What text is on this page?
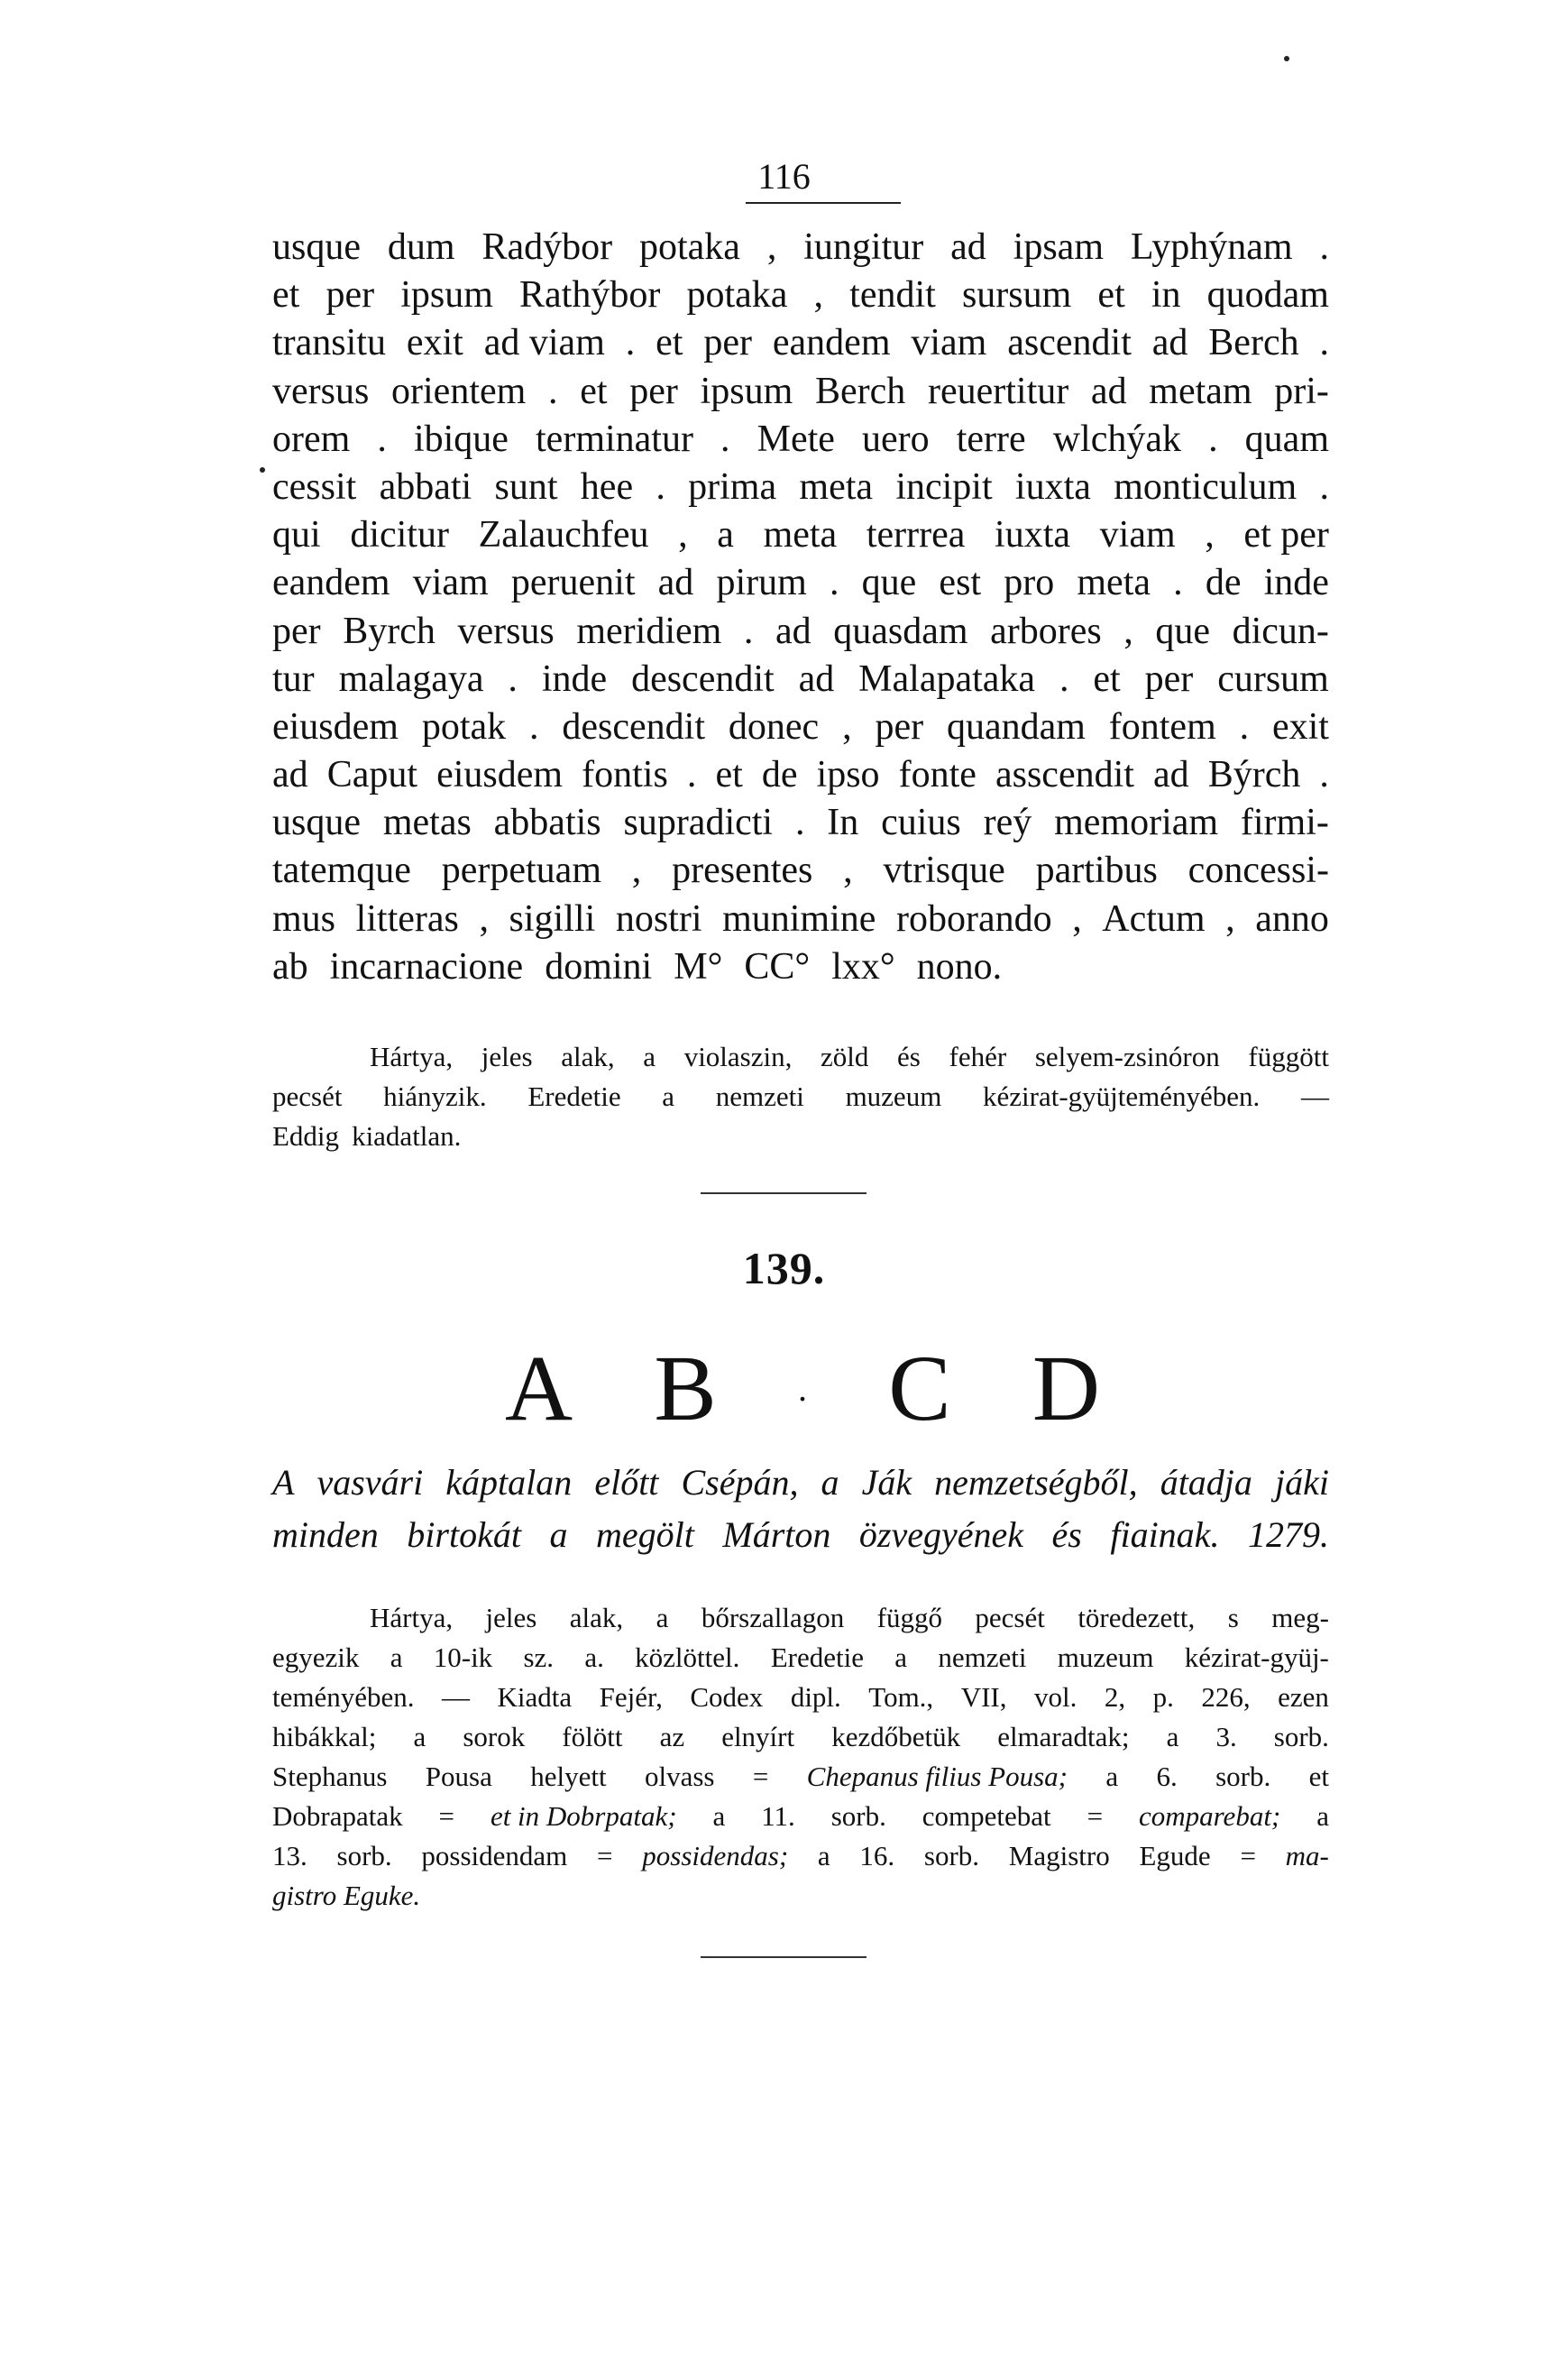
116
usque dum Radýbor potaka , iungitur ad ipsam Lyphýnam .
et per ipsum Rathýbor potaka , tendit sursum et in quodam
transitu exit ad viam . et per eandem viam ascendit ad Berch .
versus orientem . et per ipsum Berch reuertitur ad metam pri-
orem . ibique terminatur . Mete uero terre wlchýak . quam
cessit abbati sunt hee . prima meta incipit iuxta monticulum .
qui dicitur Zalauchfeu , a meta terrrea iuxta viam , et per
eandem viam peruenit ad pirum . que est pro meta . de inde
per Byrch versus meridiem . ad quasdam arbores , que dicun-
tur malagaya . inde descendit ad Malapataka . et per cursum
eiusdem potak . descendit donec , per quandam fontem . exit
ad Caput eiusdem fontis . et de ipso fonte asscendit ad Býrch .
usque metas abbatis supradicti . In cuius reý memoriam firmi-
tatemque perpetuam , presentes , vtrisque partibus concessi-
mus litteras , sigilli nostri munimine roborando , Actum , anno
ab incarnacione domini M° CC° lxx° nono.
Hártya, jeles alak, a violaszin, zöld és fehér selyem-zsinóron függött
pecsét hiányzik. Eredetie a nemzeti muzeum kézirat-gyüjteményében. —
Eddig kiadatlan.
139.
A B . C D
A vasvári káptalan előtt Csépán, a Ják nemzetségből, átadja jáki
minden birtokát a megölt Márton özvegyének és fiainak. 1279.
Hártya, jeles alak, a bőrszallagon függő pecsét töredezett, s meg-
egyezik a 10-ik sz. a. közlöttel. Eredetie a nemzeti muzeum kézirat-gyüj-
teményében. — Kiadta Fejér, Codex dipl. Tom., VII, vol. 2, p. 226, ezen
hibákkal; a sorok fölött az elnyírt kezdőbetük elmaradtak; a 3. sorb.
Stephanus Pousa helyett olvass = Chepanus filius Pousa; a 6. sorb. et
Dobrapatak = et in Dobrpatak; a 11. sorb. competebat = comparebat; a
13. sorb. possidendam = possidendas; a 16. sorb. Magistro Egude = ma-
gistro Eguke.
